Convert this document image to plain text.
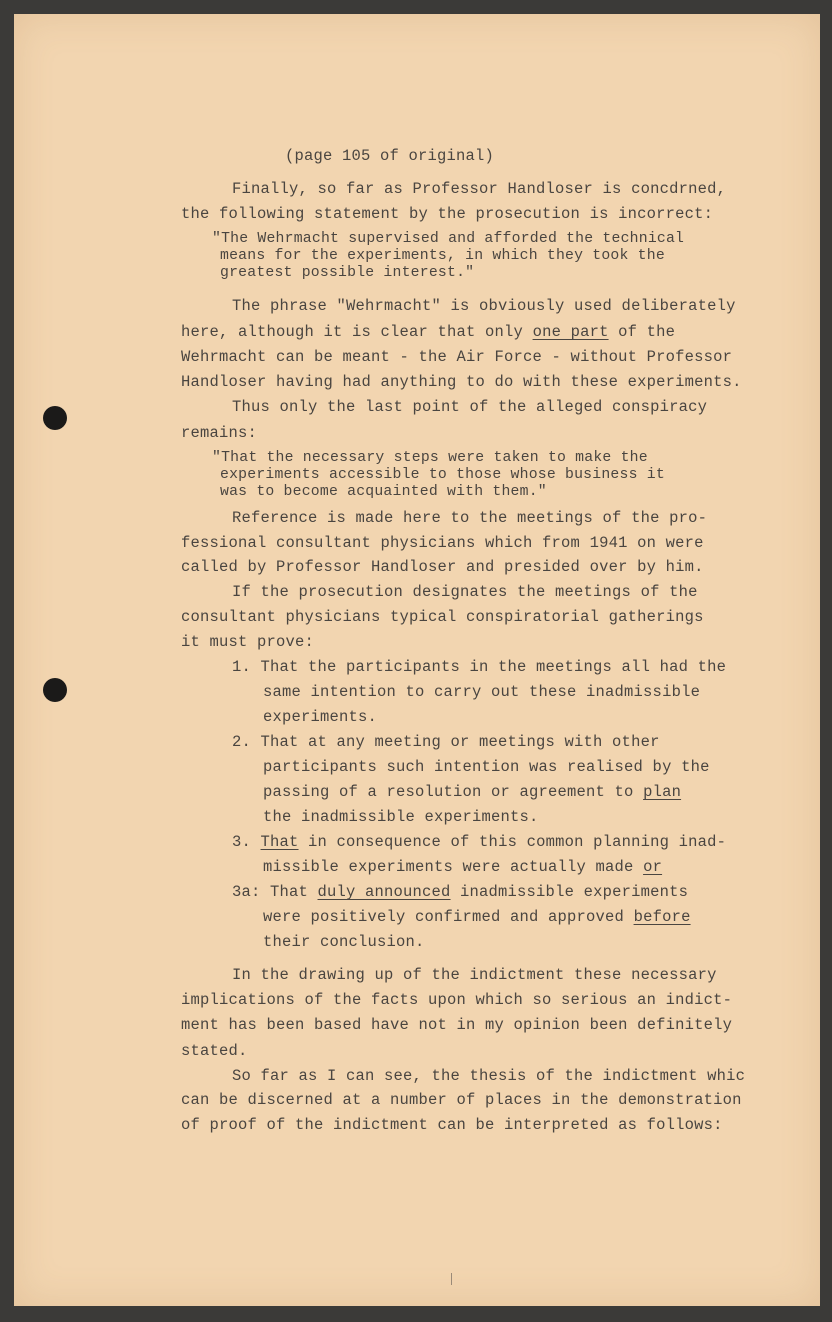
(page 105 of original)
Finally, so far as Professor Handloser is concdrned,
the following statement by the prosecution is incorrect:
"The Wehrmacht supervised and afforded the technical
means for the experiments, in which they took the
greatest possible interest."
The phrase "Wehrmacht" is obviously used deliberately
here, although it is clear that only one part of the
Wehrmacht can be meant - the Air Force - without Professor
Handloser having had anything to do with these experiments.
Thus only the last point of the alleged conspiracy
remains:
"That the necessary steps were taken to make the
experiments accessible to those whose business it
was to become acquainted with them."
Reference is made here to the meetings of the pro-
fessional consultant physicians which from 1941 on were
called by Professor Handloser and presided over by him.
If the prosecution designates the meetings of the
consultant physicians typical conspiratorial gatherings
it must prove:
1. That the participants in the meetings all had the
same intention to carry out these inadmissible
experiments.
2. That at any meeting or meetings with other
participants such intention was realised by the
passing of a resolution or agreement to plan
the inadmissible experiments.
3. That in consequence of this common planning inad-
missible experiments were actually made or
3a: That duly announced inadmissible experiments
were positively confirmed and approved before
their conclusion.
In the drawing up of the indictment these necessary
implications of the facts upon which so serious an indict-
ment has been based have not in my opinion been definitely
stated.
So far as I can see, the thesis of the indictment whic
can be discerned at a number of places in the demonstration
of proof of the indictment can be interpreted as follows:
